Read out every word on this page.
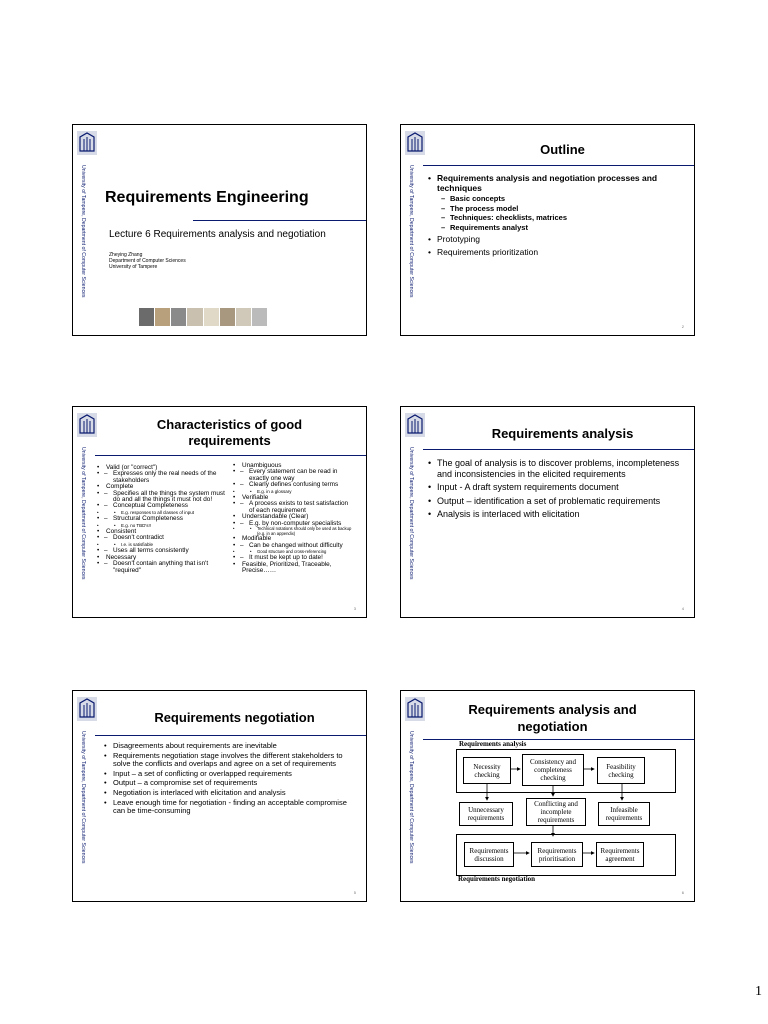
University of Tampere, Department of Computer Sciences Requirements Engineering
Lecture 6 Requirements analysis and negotiation
Zheying Zhang
Department of Computer Sciences
University of Tampere	University of Tampere, Department of Computer Sciences
Outline
• Requirements analysis and negotiation processes and techniques
– Basic concepts
– The process model
– Techniques: checklists, matrices
– Requirements analyst
• Prototyping
• Requirements prioritization
2
University of Tampere, Department of Computer Sciences
Characteristics of good requirements
• Valid (or "correct")
• – Expresses only the real needs of the stakeholders
• Complete
• – Specifies all the things the system must do and all the things it must not do!
• – Conceptual Completeness
• • E.g. responses to all classes of input
• – Structural Completeness
• • E.g. no TBD's!!
• Consistent
• – Doesn't contradict
• • I.e. is satisfiable
• – Uses all terms consistently
• Necessary
• – Doesn't contain anything that isn't "required"
• Unambiguous
• – Every statement can be read in exactly one way
• – Clearly defines confusing terms
• • E.g. in a glossary
• Verifiable
• – A process exists to test satisfaction of each requirement
• Understandable (Clear)
• – E.g. by non-computer specialists
• • Technical notations should only be used as backup (e.g. in an appendix)
• Modifiable
• – Can be changed without difficulty
• • Good structure and cross-referencing
• – It must be kept up to date!
• Feasible, Prioritized, Traceable, Precise……
3
University of Tampere, Department of Computer Sciences
Requirements analysis
• The goal of analysis is to discover problems, incompleteness and inconsistencies in the elicited requirements
• Input - A draft system requirements document
• Output – identification a set of problematic requirements
• Analysis is interlaced with elicitation
4
University of Tampere, Department of Computer Sciences
Requirements negotiation
• Disagreements about requirements are inevitable
• Requirements negotiation stage involves the different stakeholders to solve the conflicts and overlaps and agree on a set of requirements
• Input – a set of conflicting or overlapped requirements
• Output – a compromise set of requirements
• Negotiation is interlaced with elicitation and analysis
• Leave enough time for negotiation - finding an acceptable compromise can be time-consuming
5
University of Tampere, Department of Computer Sciences
Requirements analysis and negotiation
Requirements analysis
Necessity checking
Consistency and completeness checking
Feasibility checking
Unnecessary requirements
Conflicting and incomplete requirements
Infeasible requirements
Requirements discussion
Requirements prioritisation
Requirements agreement
Requirements negotiation
6
1
